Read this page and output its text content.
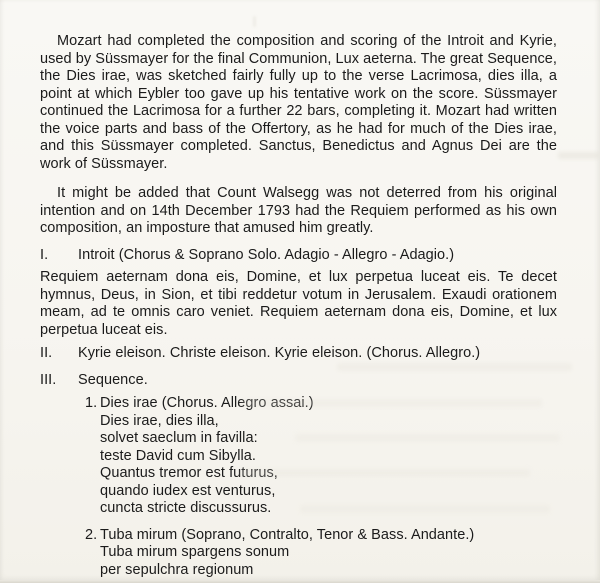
Mozart had completed the composition and scoring of the Introit and Kyrie, used by Süssmayer for the final Communion, Lux aeterna. The great Sequence, the Dies irae, was sketched fairly fully up to the verse Lacrimosa, dies illa, a point at which Eybler too gave up his tentative work on the score. Süssmayer continued the Lacrimosa for a further 22 bars, completing it. Mozart had written the voice parts and bass of the Offertory, as he had for much of the Dies irae, and this Süssmayer completed. Sanctus, Benedictus and Agnus Dei are the work of Süssmayer.

It might be added that Count Walsegg was not deterred from his original intention and on 14th December 1793 had the Requiem performed as his own composition, an imposture that amused him greatly.

I.	Introit (Chorus & Soprano Solo. Adagio - Allegro - Adagio.)

Requiem aeternam dona eis, Domine, et lux perpetua luceat eis. Te decet hymnus, Deus, in Sion, et tibi reddetur votum in Jerusalem. Exaudi orationem meam, ad te omnis caro veniet. Requiem aeternam dona eis, Domine, et lux perpetua luceat eis.

II.	Kyrie eleison. Christe eleison. Kyrie eleison. (Chorus. Allegro.)
III.	Sequence.
1. Dies irae (Chorus. Allegro assai.)
Dies irae, dies illa,
solvet saeclum in favilla:
teste David cum Sibylla.
Quantus tremor est futurus,
quando iudex est venturus,
cuncta stricte discussurus.
2. Tuba mirum (Soprano, Contralto, Tenor & Bass. Andante.)
Tuba mirum spargens sonum
per sepulchra regionum
